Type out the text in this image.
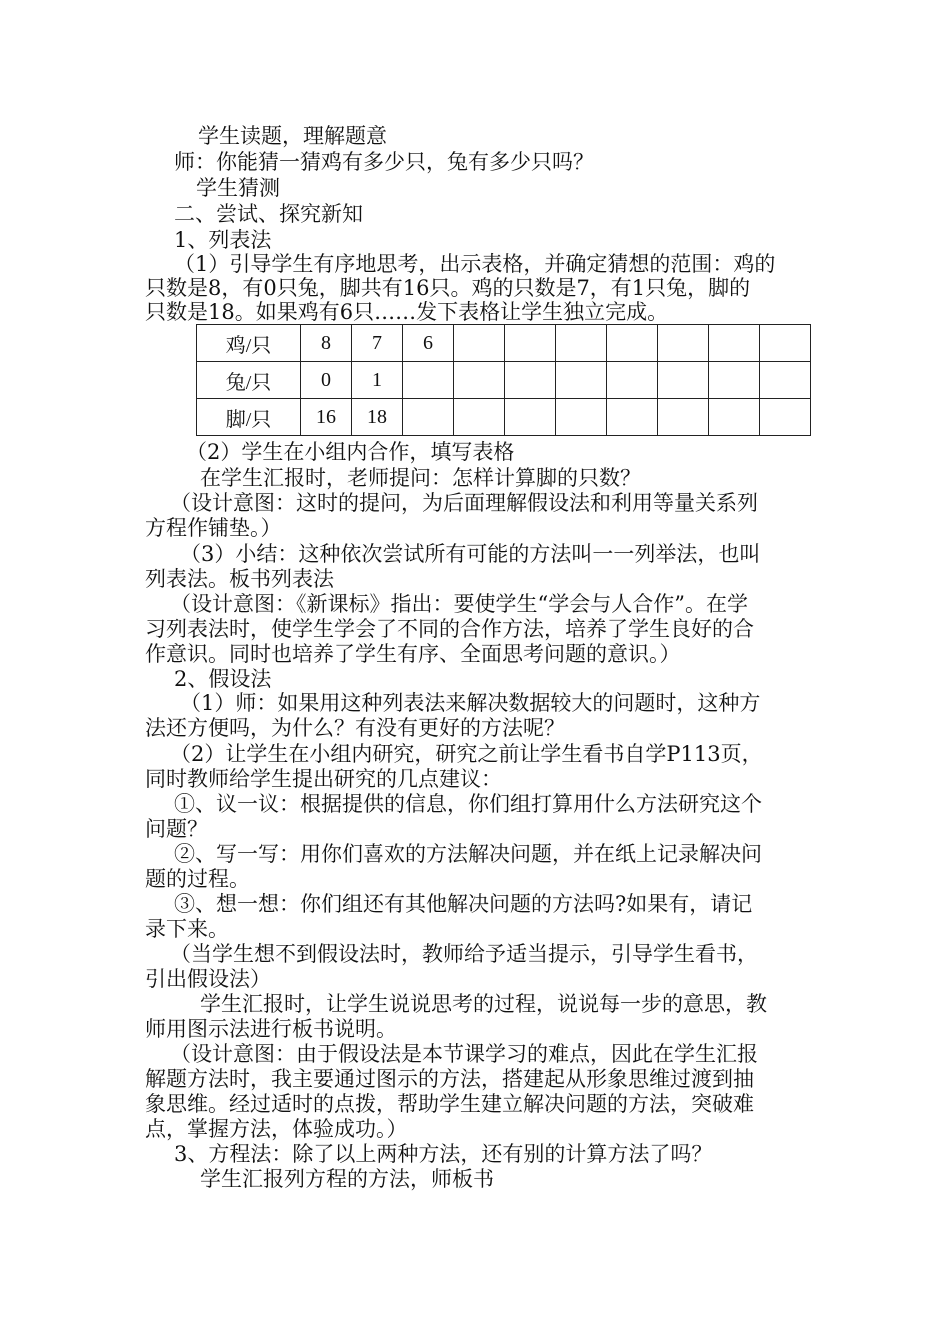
学生读题，理解题意
师：你能猜一猜鸡有多少只，兔有多少只吗？
学生猜测
二、尝试、探究新知
1、列表法
（1）引导学生有序地思考，出示表格，并确定猜想的范围：鸡的
只数是8，有0只兔，脚共有16只。鸡的只数是7，有1只兔，脚的
只数是18。如果鸡有6只……发下表格让学生独立完成。
鸡/只	8	7	6							
兔/只	0	1								
脚/只	16	18								
（2）学生在小组内合作，填写表格
在学生汇报时，老师提问：怎样计算脚的只数？
（设计意图：这时的提问，为后面理解假设法和利用等量关系列
方程作铺垫。）
（3）小结：这种依次尝试所有可能的方法叫一一列举法，也叫
列表法。板书列表法
（设计意图：《新课标》指出：要使学生“学会与人合作”。在学
习列表法时，使学生学会了不同的合作方法，培养了学生良好的合
作意识。同时也培养了学生有序、全面思考问题的意识。）
2、假设法
（1）师：如果用这种列表法来解决数据较大的问题时，这种方
法还方便吗，为什么？有没有更好的方法呢？
（2）让学生在小组内研究，研究之前让学生看书自学P113页，
同时教师给学生提出研究的几点建议：
①、议一议：根据提供的信息，你们组打算用什么方法研究这个
问题？
②、写一写：用你们喜欢的方法解决问题，并在纸上记录解决问
题的过程。
③、想一想：你们组还有其他解决问题的方法吗?如果有，请记
录下来。
（当学生想不到假设法时，教师给予适当提示，引导学生看书，
引出假设法）
学生汇报时，让学生说说思考的过程，说说每一步的意思，教
师用图示法进行板书说明。
（设计意图：由于假设法是本节课学习的难点，因此在学生汇报
解题方法时，我主要通过图示的方法，搭建起从形象思维过渡到抽
象思维。经过适时的点拨，帮助学生建立解决问题的方法，突破难
点，掌握方法，体验成功。）
3、方程法：除了以上两种方法，还有别的计算方法了吗？
学生汇报列方程的方法，师板书
